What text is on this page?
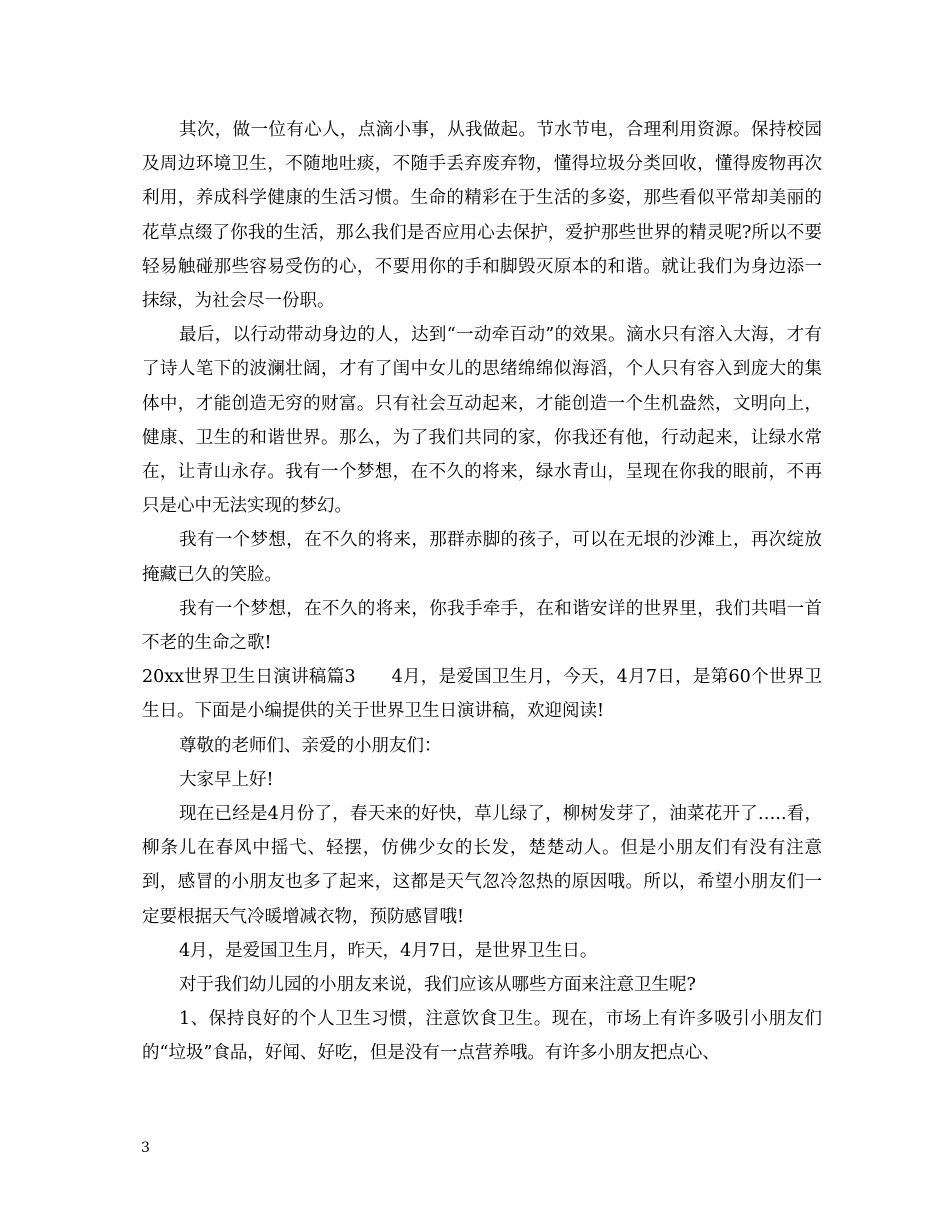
其次，做一位有心人，点滴小事，从我做起。节水节电，合理利用资源。保持校园及周边环境卫生，不随地吐痰，不随手丢弃废弃物，懂得垃圾分类回收，懂得废物再次利用，养成科学健康的生活习惯。生命的精彩在于生活的多姿，那些看似平常却美丽的花草点缀了你我的生活，那么我们是否应用心去保护，爱护那些世界的精灵呢?所以不要轻易触碰那些容易受伤的心，不要用你的手和脚毁灭原本的和谐。就让我们为身边添一抹绿，为社会尽一份职。

最后，以行动带动身边的人，达到“一动牵百动”的效果。滴水只有溶入大海，才有了诗人笔下的波澜壮阔，才有了闺中女儿的思绪绵绵似海滔，个人只有容入到庞大的集体中，才能创造无穷的财富。只有社会互动起来，才能创造一个生机盎然，文明向上，健康、卫生的和谐世界。那么，为了我们共同的家，你我还有他，行动起来，让绿水常在，让青山永存。我有一个梦想，在不久的将来，绿水青山，呈现在你我的眼前，不再只是心中无法实现的梦幻。

我有一个梦想，在不久的将来，那群赤脚的孩子，可以在无垠的沙滩上，再次绽放掩藏已久的笑脸。

我有一个梦想，在不久的将来，你我手牵手，在和谐安详的世界里，我们共唱一首不老的生命之歌!

20xx世界卫生日演讲稿篇3　　4月，是爱国卫生月，今天，4月7日，是第60个世界卫生日。下面是小编提供的关于世界卫生日演讲稿，欢迎阅读!

尊敬的老师们、亲爱的小朋友们：

大家早上好!

现在已经是4月份了，春天来的好快，草儿绿了，柳树发芽了，油菜花开了…..看，柳条儿在春风中摇弋、轻摆，仿佛少女的长发，楚楚动人。但是小朋友们有没有注意到，感冒的小朋友也多了起来，这都是天气忽冷忽热的原因哦。所以，希望小朋友们一定要根据天气冷暖增减衣物，预防感冒哦!

4月，是爱国卫生月，昨天，4月7日，是世界卫生日。

对于我们幼儿园的小朋友来说，我们应该从哪些方面来注意卫生呢?

1、保持良好的个人卫生习惯，注意饮食卫生。现在，市场上有许多吸引小朋友们的“垃圾”食品，好闻、好吃，但是没有一点营养哦。有许多小朋友把点心、

3
